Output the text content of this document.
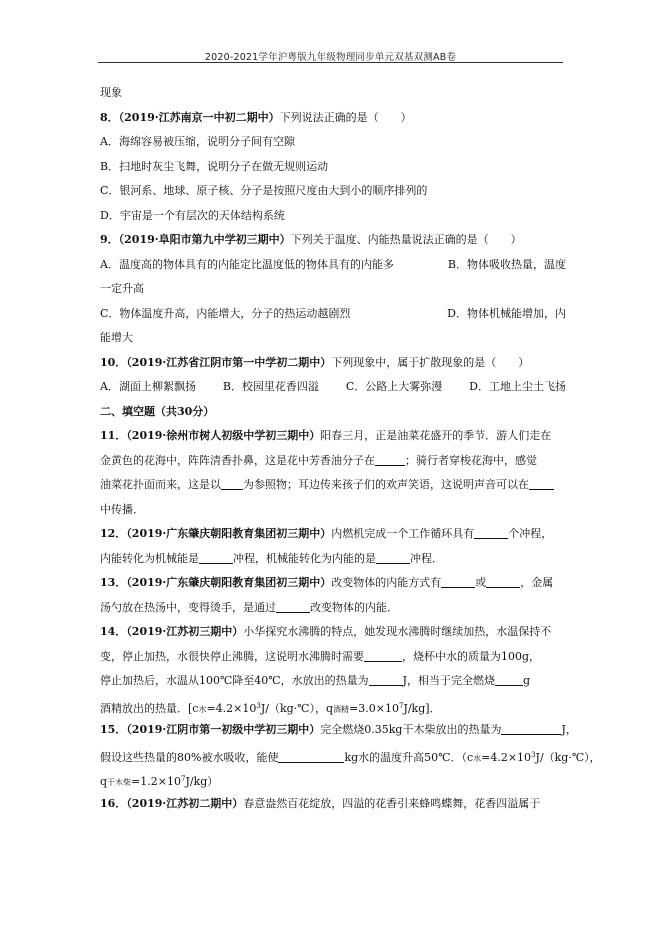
2020-2021学年沪粤版九年级物理同步单元双基双测AB卷
现象
8．（2019·江苏南京一中初二期中）下列说法正确的是（　　）
A．海绵容易被压缩，说明分子间有空隙
B．扫地时灰尘飞舞，说明分子在做无规则运动
C．银河系、地球、原子核、分子是按照尺度由大到小的顺序排列的
D．宇宙是一个有层次的天体结构系统
9．（2019·阜阳市第九中学初三期中）下列关于温度、内能热量说法正确的是（　　）
A．温度高的物体具有的内能定比温度低的物体具有的内能多	B．物体吸收热量，温度
一定升高
C．物体温度升高，内能增大，分子的热运动越剧烈	D．物体机械能增加，内
能增大
10．（2019·江苏省江阴市第一中学初二期中）下列现象中，属于扩散现象的是（　　）
A．湖面上柳絮飘扬 B．校园里花香四溢 C．公路上大雾弥漫 D．工地上尘土飞扬
二、填空题（共30分）
11．（2019·徐州市树人初级中学初三期中）阳春三月，正是油菜花盛开的季节．游人们走在
金黄色的花海中，阵阵清香扑鼻，这是花中芳香油分子在	；骑行者穿梭花海中，感觉
油菜花扑面而来，这是以 为参照物；耳边传来孩子们的欢声笑语，这说明声音可以在
中传播．
12．（2019·广东肇庆朝阳教育集团初三期中）内燃机完成一个工作循环具有	个冲程，
内能转化为机械能是	冲程，机械能转化为内能的是	冲程．
13．（2019·广东肇庆朝阳教育集团初三期中）改变物体的内能方式有	或	，金属
汤勺放在热汤中，变得烫手，是通过	改变物体的内能．
14．（2019·江苏初三期中）小华探究水沸腾的特点，她发现水沸腾时继续加热，水温保持不
变，停止加热，水很快停止沸腾，这说明水沸腾时需要	，烧杯中水的质量为100g，
停止加热后，水温从100℃降至40℃，水放出的热量为	J，相当于完全燃烧	g
酒精放出的热量．[c水$=4.2\times 10^3J/(kg\cdot℃)$，q酒精$=3.0\times 10^7J/kg$]．
15．（2019·江阴市第一初级中学初三期中）完全燃烧0.35kg干木柴放出的热量为	J，
假设这些热量的80%被水吸收，能使	kg水的温度升高50℃．（c水$=4.2\times 10^3J/(kg\cdot℃)$，
q干木柴$=1.2\times 10^7J/kg$）
16．（2019·江苏初二期中）春意盎然百花绽放，四溢的花香引来蜂鸣蝶舞，花香四溢属于
